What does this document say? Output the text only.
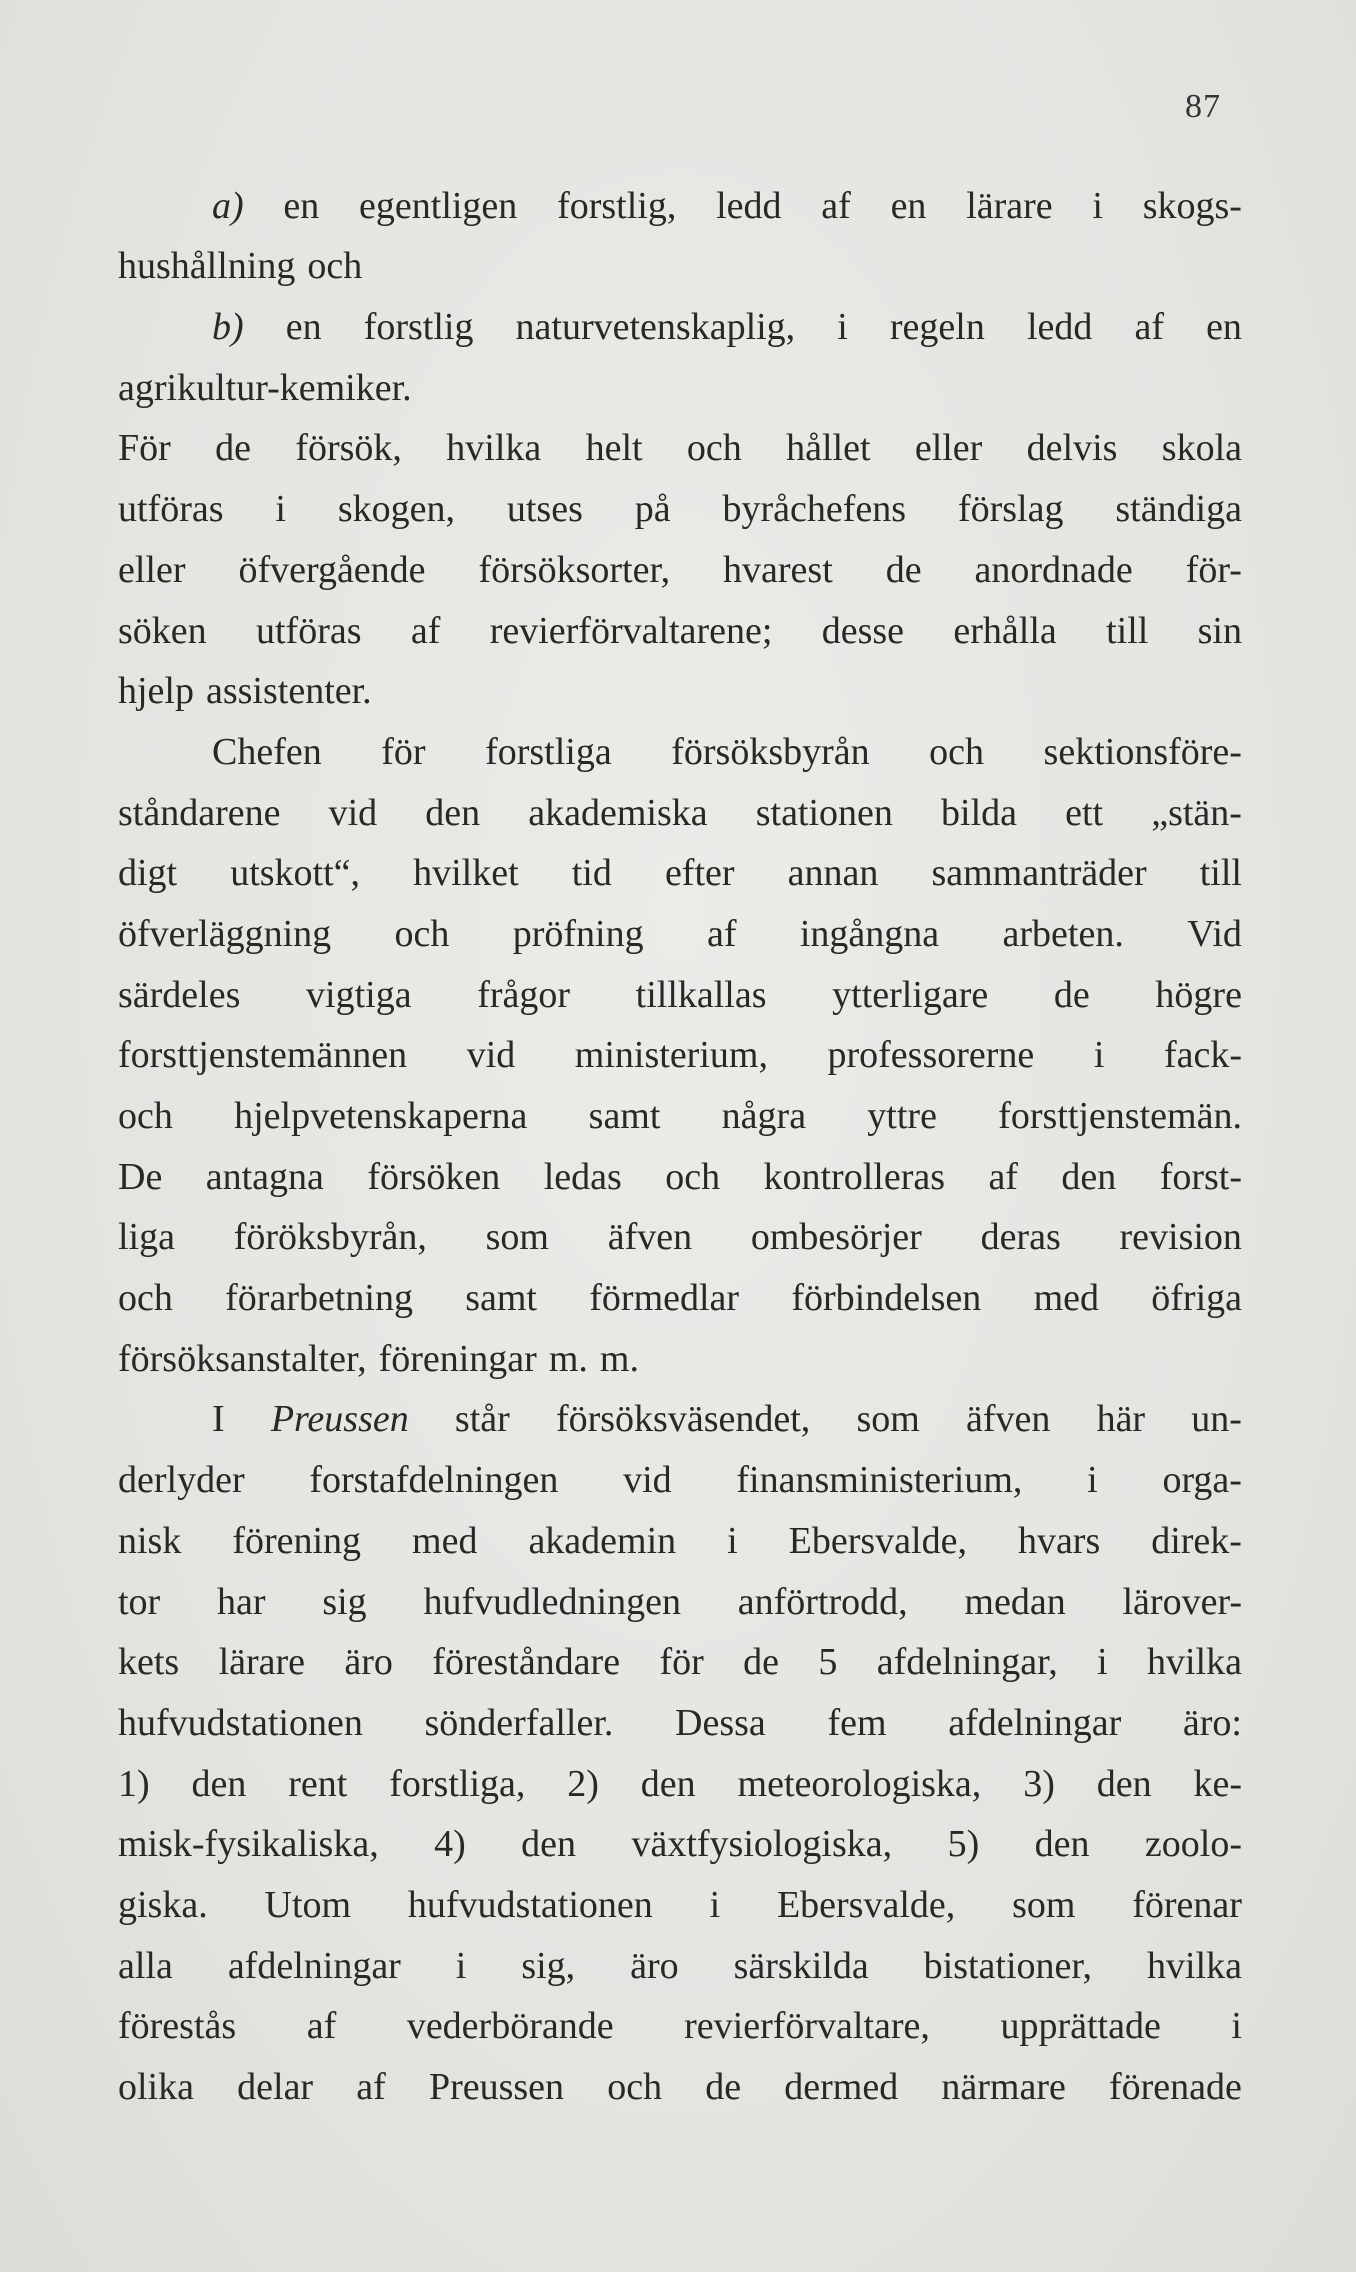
87
a) en egentligen forstlig, ledd af en lärare i skogs-
hushållning och
b) en forstlig naturvetenskaplig, i regeln ledd af en
agrikultur-kemiker.
För de försök, hvilka helt och hållet eller delvis skola
utföras i skogen, utses på byråchefens förslag ständiga
eller öfvergående försöksorter, hvarest de anordnade för-
söken utföras af revierförvaltarene; desse erhålla till sin
hjelp assistenter.
Chefen för forstliga försöksbyrån och sektionsföre-
ståndarene vid den akademiska stationen bilda ett „stän-
digt utskott“, hvilket tid efter annan sammanträder till
öfverläggning och pröfning af ingångna arbeten. Vid
särdeles vigtiga frågor tillkallas ytterligare de högre
forsttjenstemännen vid ministerium, professorerne i fack-
och hjelpvetenskaperna samt några yttre forsttjenstemän.
De antagna försöken ledas och kontrolleras af den forst-
liga föröksbyrån, som äfven ombesörjer deras revision
och förarbetning samt förmedlar förbindelsen med öfriga
försöksanstalter, föreningar m. m.
I Preussen står försöksväsendet, som äfven här un-
derlyder forstafdelningen vid finansministerium, i orga-
nisk förening med akademin i Ebersvalde, hvars direk-
tor har sig hufvudledningen anförtrodd, medan lärover-
kets lärare äro föreståndare för de 5 afdelningar, i hvilka
hufvudstationen sönderfaller. Dessa fem afdelningar äro:
1) den rent forstliga, 2) den meteorologiska, 3) den ke-
misk-fysikaliska, 4) den växtfysiologiska, 5) den zoolo-
giska. Utom hufvudstationen i Ebersvalde, som förenar
alla afdelningar i sig, äro särskilda bistationer, hvilka
förestås af vederbörande revierförvaltare, upprättade i
olika delar af Preussen och de dermed närmare förenade
